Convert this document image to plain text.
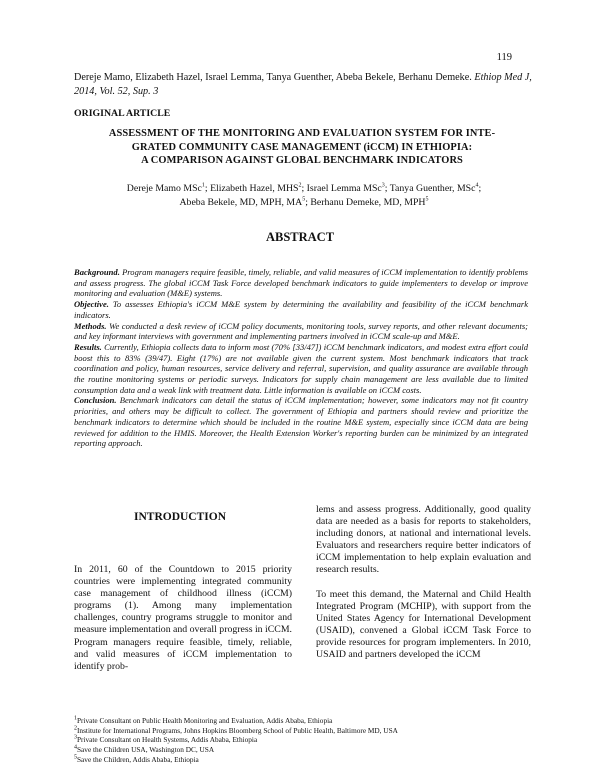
119
Dereje Mamo, Elizabeth Hazel, Israel Lemma, Tanya Guenther, Abeba Bekele, Berhanu Demeke. Ethiop Med J,
2014, Vol. 52, Sup. 3
ORIGINAL ARTICLE
ASSESSMENT OF THE MONITORING AND EVALUATION SYSTEM FOR INTE-
GRATED COMMUNITY CASE MANAGEMENT (iCCM) IN ETHIOPIA:
A COMPARISON AGAINST GLOBAL BENCHMARK INDICATORS
Dereje Mamo MSc$^1$; Elizabeth Hazel, MHS$^2$; Israel Lemma MSc$^3$; Tanya Guenther, MSc$^4$;
Abeba Bekele, MD, MPH, $MA^5$; Berhanu Demeke, MD, MPH$^5$
ABSTRACT

Background. Program managers require feasible, timely, reliable, and valid measures of iCCM implementation to identify problems and assess progress. The global iCCM Task Force developed benchmark indicators to guide implementers to develop or improve monitoring and evaluation (M&E) systems.

Objective. To assesses Ethiopia's iCCM M&E system by determining the availability and feasibility of the iCCM benchmark indicators.

Methods. We conducted a desk review of iCCM policy documents, monitoring tools, survey reports, and other relevant documents; and key informant interviews with government and implementing partners involved in iCCM scale-up and M&E.

Results. Currently, Ethiopia collects data to inform most (70% [33/47]) iCCM benchmark indicators, and modest extra effort could boost this to 83% (39/47). Eight (17%) are not available given the current system. Most benchmark indicators that track coordination and policy, human resources, service delivery and referral, supervision, and quality assurance are available through the routine monitoring systems or periodic surveys. Indicators for supply chain management are less available due to limited consumption data and a weak link with treatment data. Little information is available on iCCM costs.

Conclusion. Benchmark indicators can detail the status of iCCM implementation; however, some indicators may not fit country priorities, and others may be difficult to collect. The government of Ethiopia and partners should review and prioritize the benchmark indicators to determine which should be included in the routine M&E system, especially since iCCM data are being reviewed for addition to the HMIS. Moreover, the Health Extension Worker's reporting burden can be minimized by an integrated reporting approach.

INTRODUCTION

In 2011, 60 of the Countdown to 2015 priority countries were implementing integrated community case management of childhood illness (iCCM) programs (1). Among many implementation challenges, country programs struggle to monitor and measure implementation and overall progress in iCCM. Program managers require feasible, timely, reliable, and valid measures of iCCM implementation to identify prob-

lems and assess progress. Additionally, good quality data are needed as a basis for reports to stakeholders, including donors, at national and international levels. Evaluators and researchers require better indicators of iCCM implementation to help explain evaluation and research results.

To meet this demand, the Maternal and Child Health Integrated Program (MCHIP), with support from the United States Agency for International Development (USAID), convened a Global iCCM Task Force to provide resources for program implementers. In 2010, USAID and partners developed the iCCM

$^1$Private Consultant on Public Health Monitoring and Evaluation, Addis Ababa, Ethiopia
$^2$Institute for International Programs, Johns Hopkins Bloomberg School of Public Health, Baltimore MD, USA
$^3$Private Consultant on Health Systems, Addis Ababa, Ethiopia
$^4$Save the Children USA, Washington DC, USA
$^5$Save the Children, Addis Ababa, Ethiopia
